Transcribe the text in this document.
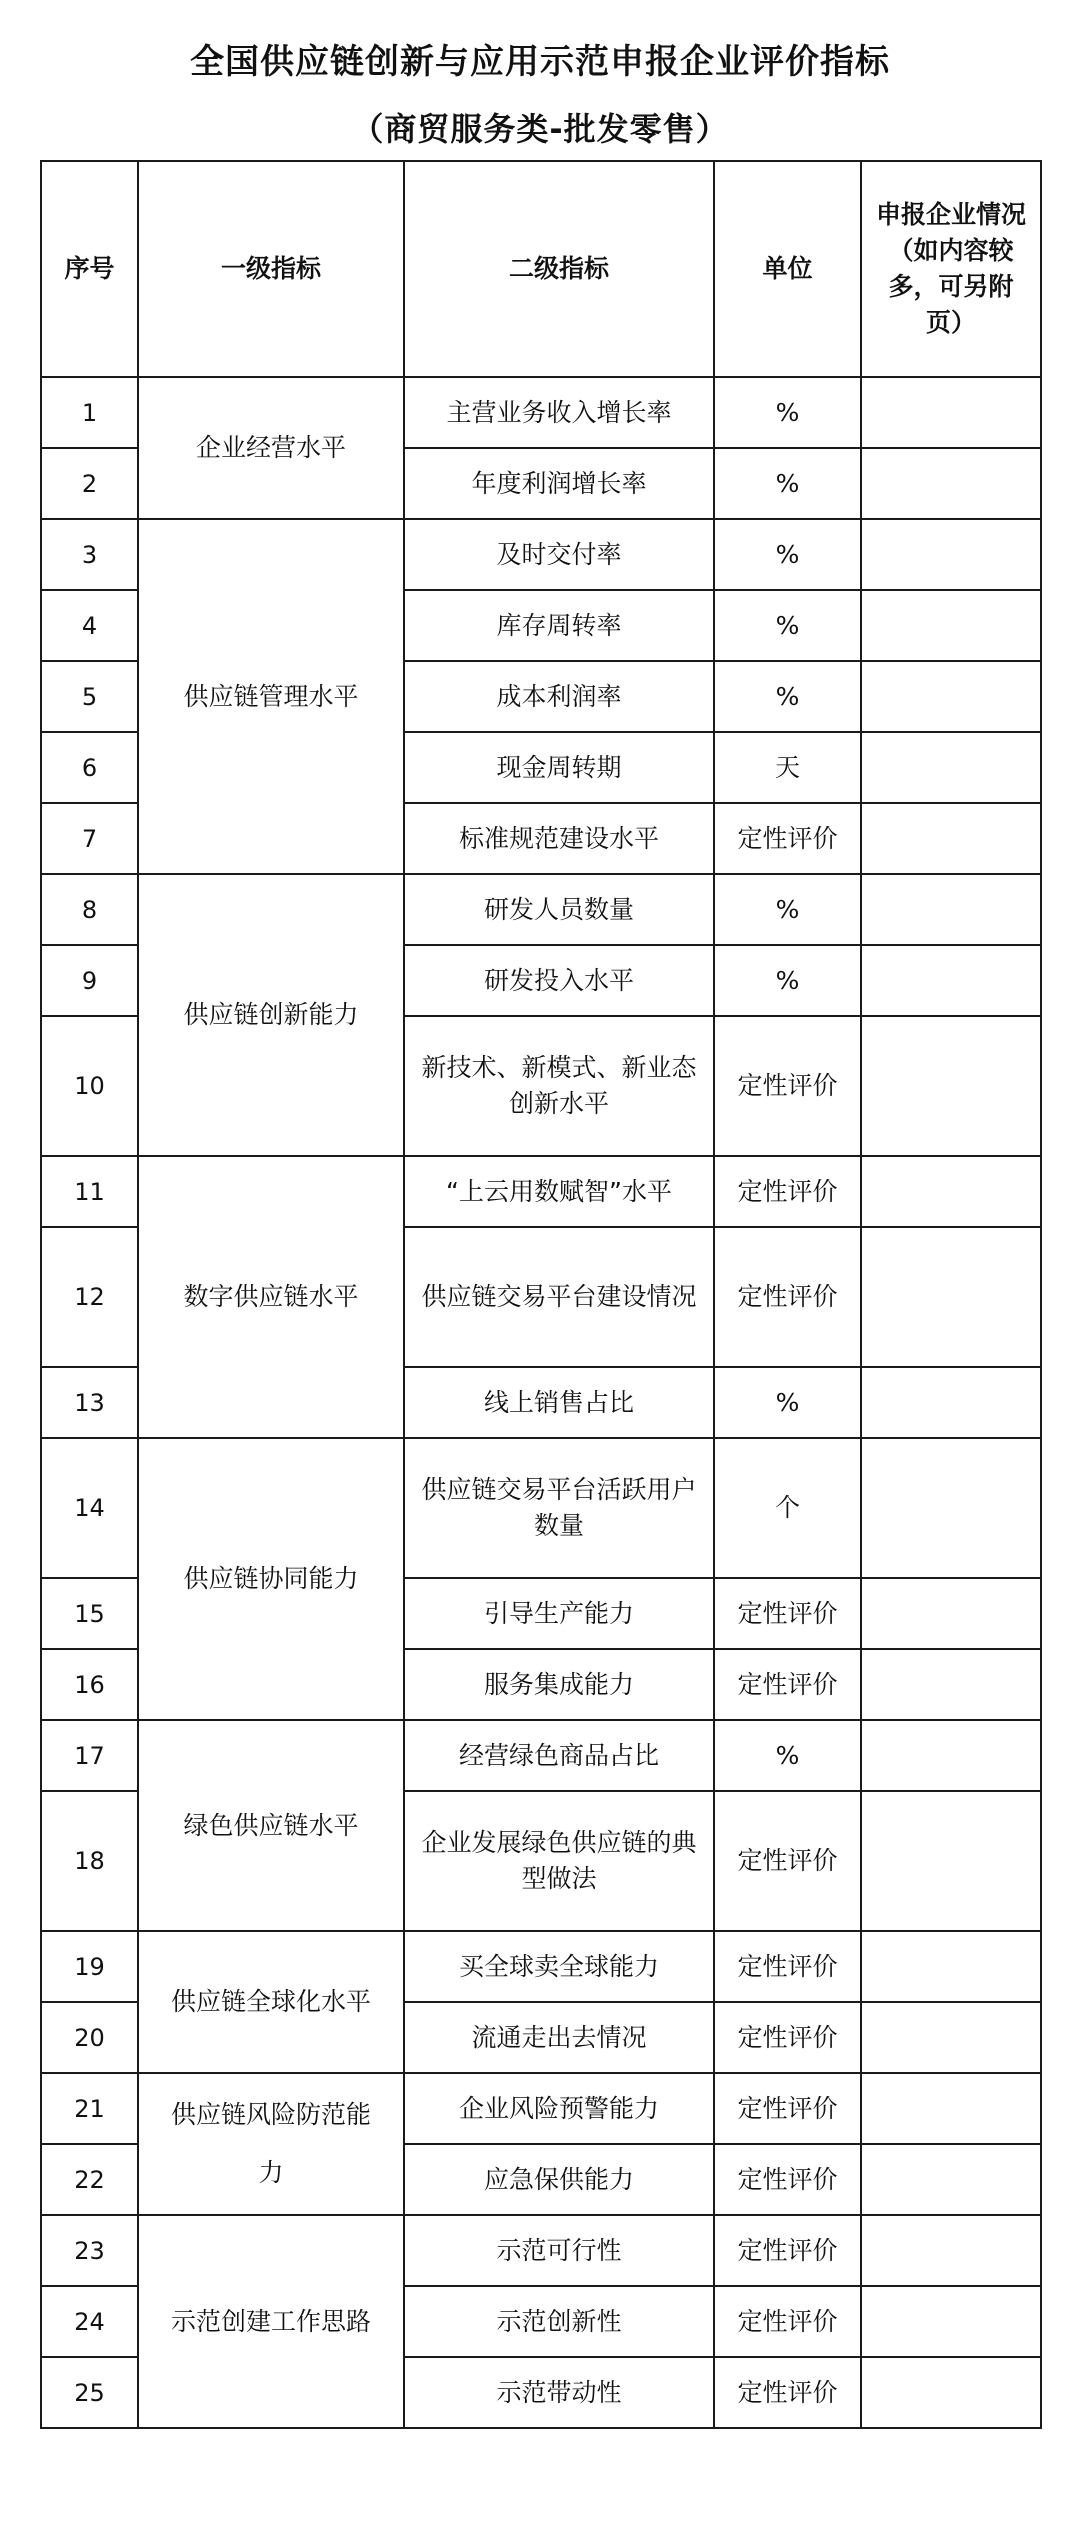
全国供应链创新与应用示范申报企业评价指标
（商贸服务类-批发零售）
序号	一级指标	二级指标	单位	申报企业情况（如内容较多，可另附页）
1	企业经营水平	主营业务收入增长率	%	
2		年度利润增长率	%	
3	供应链管理水平	及时交付率	%	
4		库存周转率	%	
5		成本利润率	%	
6		现金周转期	天	
7		标准规范建设水平	定性评价	
8	供应链创新能力	研发人员数量	%	
9		研发投入水平	%	
10		新技术、新模式、新业态创新水平	定性评价	
11	数字供应链水平	“上云用数赋智”水平	定性评价	
12		供应链交易平台建设情况	定性评价	
13		线上销售占比	%	
14	供应链协同能力	供应链交易平台活跃用户数量	个	
15		引导生产能力	定性评价	
16		服务集成能力	定性评价	
17	绿色供应链水平	经营绿色商品占比	%	
18		企业发展绿色供应链的典型做法	定性评价	
19	供应链全球化水平	买全球卖全球能力	定性评价	
20		流通走出去情况	定性评价	
21	供应链风险防范能力	企业风险预警能力	定性评价	
22		应急保供能力	定性评价	
23	示范创建工作思路	示范可行性	定性评价	
24		示范创新性	定性评价	
25		示范带动性	定性评价	
